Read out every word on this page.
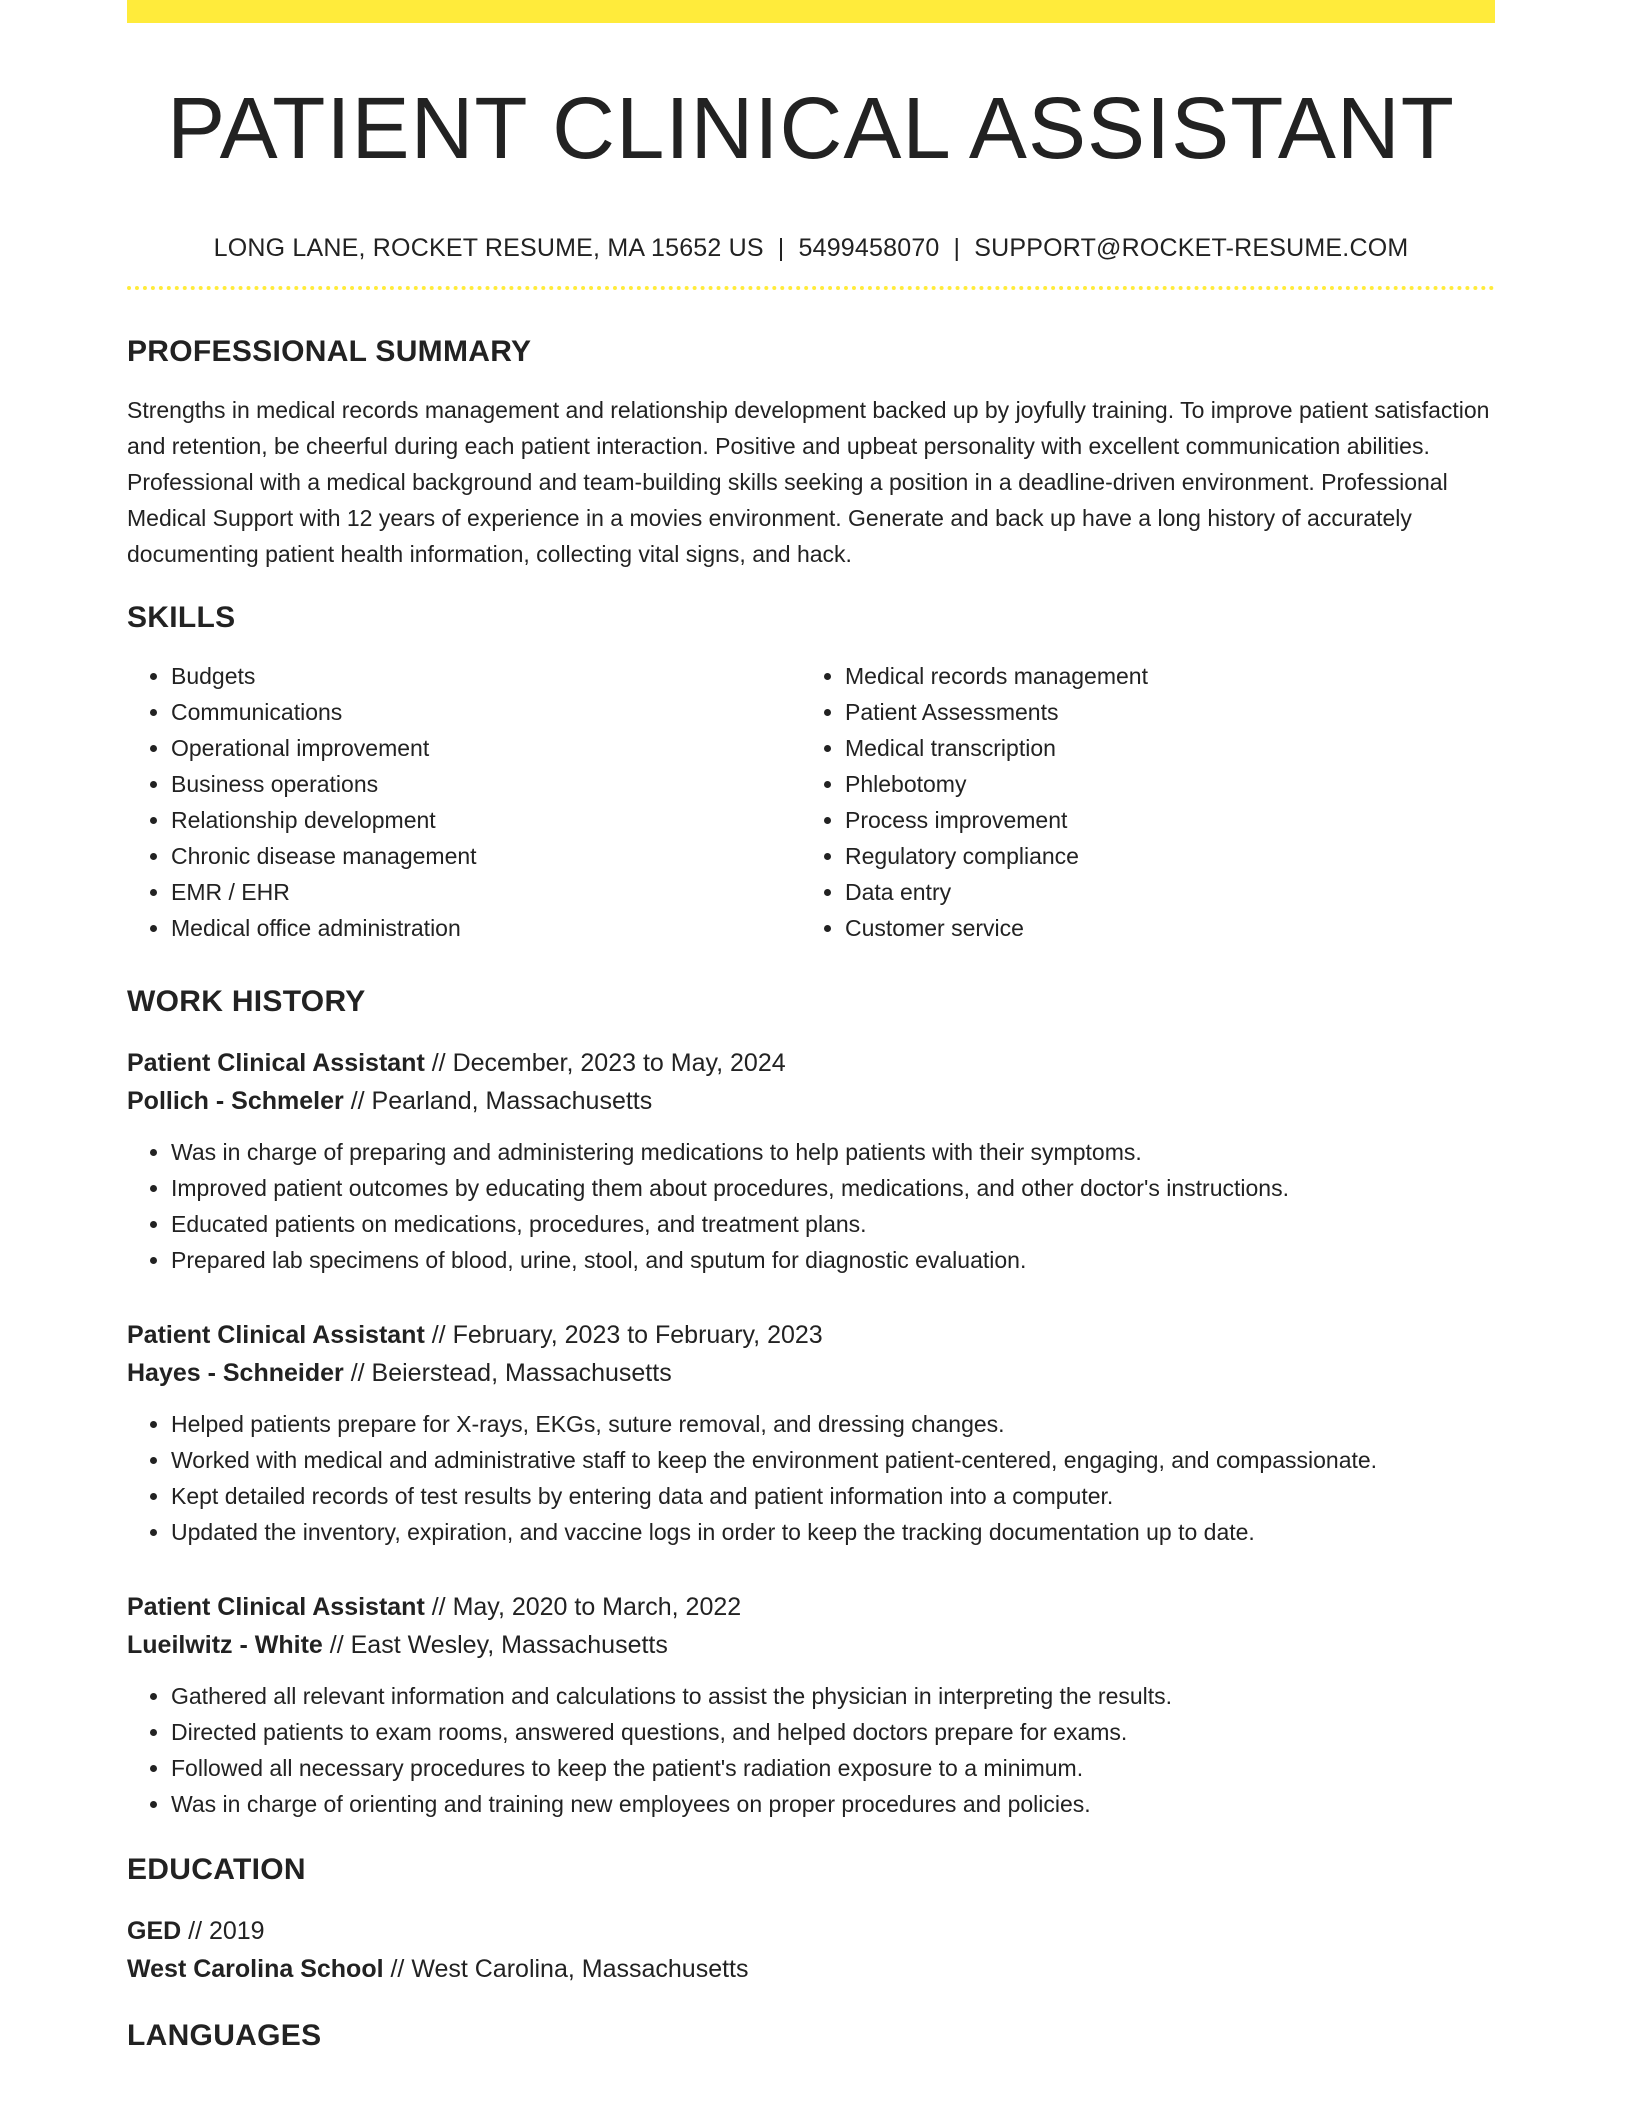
PATIENT CLINICAL ASSISTANT
LONG LANE, ROCKET RESUME, MA 15652 US | 5499458070 | SUPPORT@ROCKET-RESUME.COM
PROFESSIONAL SUMMARY
Strengths in medical records management and relationship development backed up by joyfully training. To improve patient satisfaction and retention, be cheerful during each patient interaction. Positive and upbeat personality with excellent communication abilities. Professional with a medical background and team-building skills seeking a position in a deadline-driven environment. Professional Medical Support with 12 years of experience in a movies environment. Generate and back up have a long history of accurately documenting patient health information, collecting vital signs, and hack.
SKILLS
• Budgets
• Communications
• Operational improvement
• Business operations
• Relationship development
• Chronic disease management
• EMR / EHR
• Medical office administration
• Medical records management
• Patient Assessments
• Medical transcription
• Phlebotomy
• Process improvement
• Regulatory compliance
• Data entry
• Customer service
WORK HISTORY
Patient Clinical Assistant // December, 2023 to May, 2024
Pollich - Schmeler // Pearland, Massachusetts
• Was in charge of preparing and administering medications to help patients with their symptoms.
• Improved patient outcomes by educating them about procedures, medications, and other doctor's instructions.
• Educated patients on medications, procedures, and treatment plans.
• Prepared lab specimens of blood, urine, stool, and sputum for diagnostic evaluation.
Patient Clinical Assistant // February, 2023 to February, 2023
Hayes - Schneider // Beierstead, Massachusetts
• Helped patients prepare for X-rays, EKGs, suture removal, and dressing changes.
• Worked with medical and administrative staff to keep the environment patient-centered, engaging, and compassionate.
• Kept detailed records of test results by entering data and patient information into a computer.
• Updated the inventory, expiration, and vaccine logs in order to keep the tracking documentation up to date.
Patient Clinical Assistant // May, 2020 to March, 2022
Lueilwitz - White // East Wesley, Massachusetts
• Gathered all relevant information and calculations to assist the physician in interpreting the results.
• Directed patients to exam rooms, answered questions, and helped doctors prepare for exams.
• Followed all necessary procedures to keep the patient's radiation exposure to a minimum.
• Was in charge of orienting and training new employees on proper procedures and policies.
EDUCATION
GED // 2019
West Carolina School // West Carolina, Massachusetts
LANGUAGES
